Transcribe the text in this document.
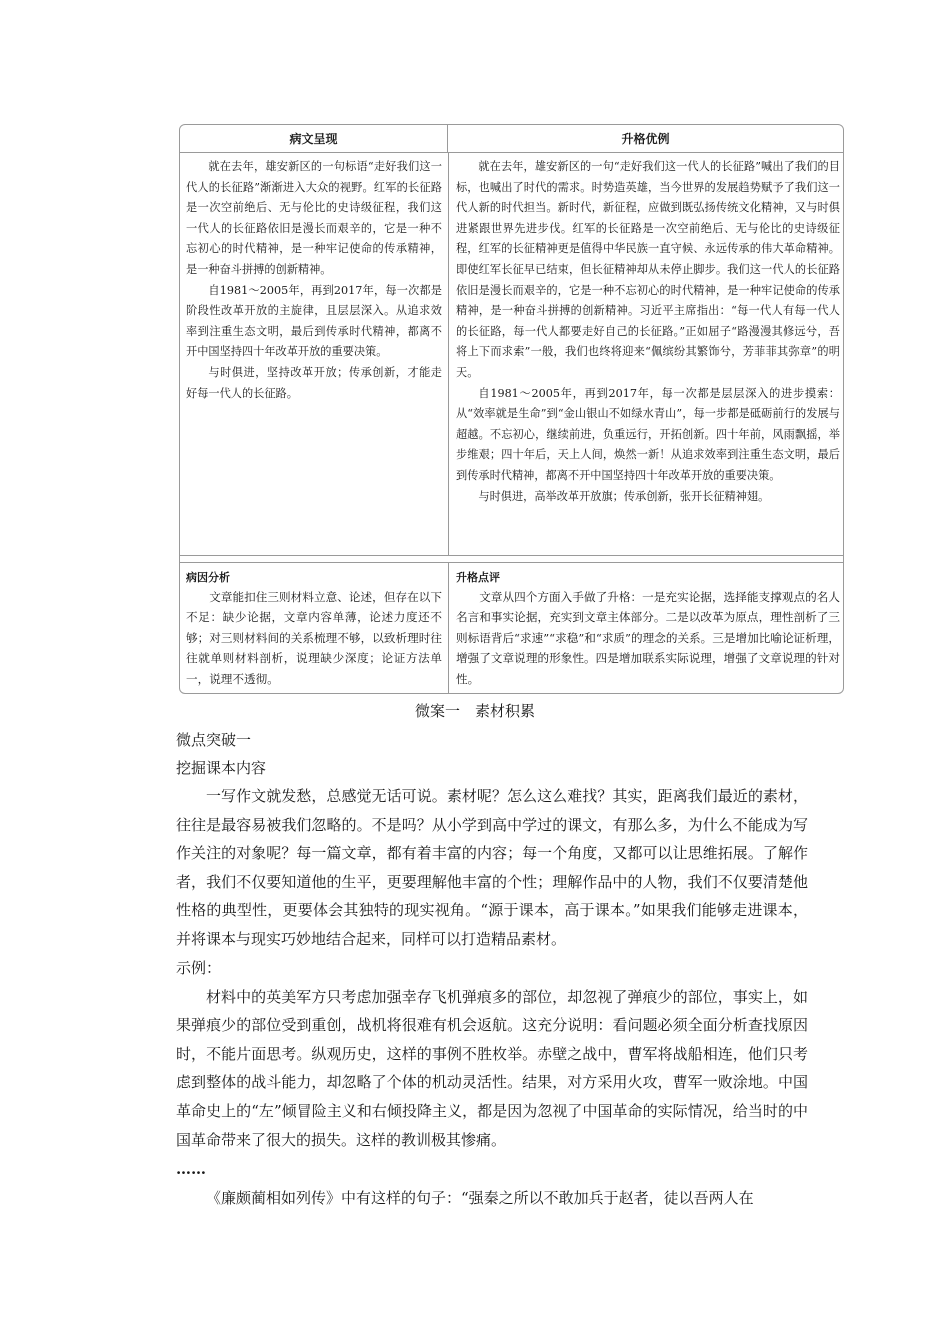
病文呈现	升格优例

就在去年，雄安新区的一句标语“走好我们这一代人的长征路”渐渐进入大众的视野。红军的长征路是一次空前绝后、无与伦比的史诗级征程，我们这一代人的长征路依旧是漫长而艰辛的，它是一种不忘初心的时代精神，是一种牢记使命的传承精神，是一种奋斗拼搏的创新精神。

自1981～2005年，再到2017年，每一次都是阶段性改革开放的主旋律，且层层深入。从追求效率到注重生态文明，最后到传承时代精神，都离不开中国坚持四十年改革开放的重要决策。

与时俱进，坚持改革开放；传承创新，才能走好每一代人的长征路。

就在去年，雄安新区的一句“走好我们这一代人的长征路”喊出了我们的目标，也喊出了时代的需求。时势造英雄，当今世界的发展趋势赋予了我们这一代人新的时代担当。新时代，新征程，应做到既弘扬传统文化精神，又与时俱进紧跟世界先进步伐。红军的长征路是一次空前绝后、无与伦比的史诗级征程，红军的长征精神更是值得中华民族一直守候、永远传承的伟大革命精神。即使红军长征早已结束，但长征精神却从未停止脚步。我们这一代人的长征路依旧是漫长而艰辛的，它是一种不忘初心的时代精神，是一种牢记使命的传承精神，是一种奋斗拼搏的创新精神。习近平主席指出：“每一代人有每一代人的长征路，每一代人都要走好自己的长征路。”正如屈子“路漫漫其修远兮，吾将上下而求索”一般，我们也终将迎来“佩缤纷其繁饰兮，芳菲菲其弥章”的明天。

自1981～2005年，再到2017年，每一次都是层层深入的进步摸索：从“效率就是生命”到“金山银山不如绿水青山”，每一步都是砥砺前行的发展与超越。不忘初心，继续前进，负重远行，开拓创新。四十年前，风雨飘摇，举步维艰；四十年后，天上人间，焕然一新！从追求效率到注重生态文明，最后到传承时代精神，都离不开中国坚持四十年改革开放的重要决策。

与时俱进，高举改革开放旗；传承创新，张开长征精神翅。

病因分析
文章能扣住三则材料立意、论述，但存在以下不足：缺少论据，文章内容单薄，论述力度还不够；对三则材料间的关系梳理不够，以致析理时往往就单则材料剖析，说理缺少深度；论证方法单一，说理不透彻。
升格点评
文章从四个方面入手做了升格：一是充实论据，选择能支撑观点的名人名言和事实论据，充实到文章主体部分。二是以改革为原点，理性剖析了三则标语背后“求速”“求稳”和“求质”的理念的关系。三是增加比喻论证析理，增强了文章说理的形象性。四是增加联系实际说理，增强了文章说理的针对性。
微案一　素材积累
微点突破一
挖掘课本内容

一写作文就发愁，总感觉无话可说。素材呢？怎么这么难找？其实，距离我们最近的素材，往往是最容易被我们忽略的。不是吗？从小学到高中学过的课文，有那么多，为什么不能成为写作关注的对象呢？每一篇文章，都有着丰富的内容；每一个角度，又都可以让思维拓展。了解作者，我们不仅要知道他的生平，更要理解他丰富的个性；理解作品中的人物，我们不仅要清楚他性格的典型性，更要体会其独特的现实视角。“源于课本，高于课本。”如果我们能够走进课本，并将课本与现实巧妙地结合起来，同样可以打造精品素材。

示例：

材料中的英美军方只考虑加强幸存飞机弹痕多的部位，却忽视了弹痕少的部位，事实上，如果弹痕少的部位受到重创，战机将很难有机会返航。这充分说明：看问题必须全面分析查找原因时，不能片面思考。纵观历史，这样的事例不胜枚举。赤壁之战中，曹军将战船相连，他们只考虑到整体的战斗能力，却忽略了个体的机动灵活性。结果，对方采用火攻，曹军一败涂地。中国革命史上的“左”倾冒险主义和右倾投降主义，都是因为忽视了中国革命的实际情况，给当时的中国革命带来了很大的损失。这样的教训极其惨痛。

……

《廉颇蔺相如列传》中有这样的句子：“强秦之所以不敢加兵于赵者，徒以吾两人在
